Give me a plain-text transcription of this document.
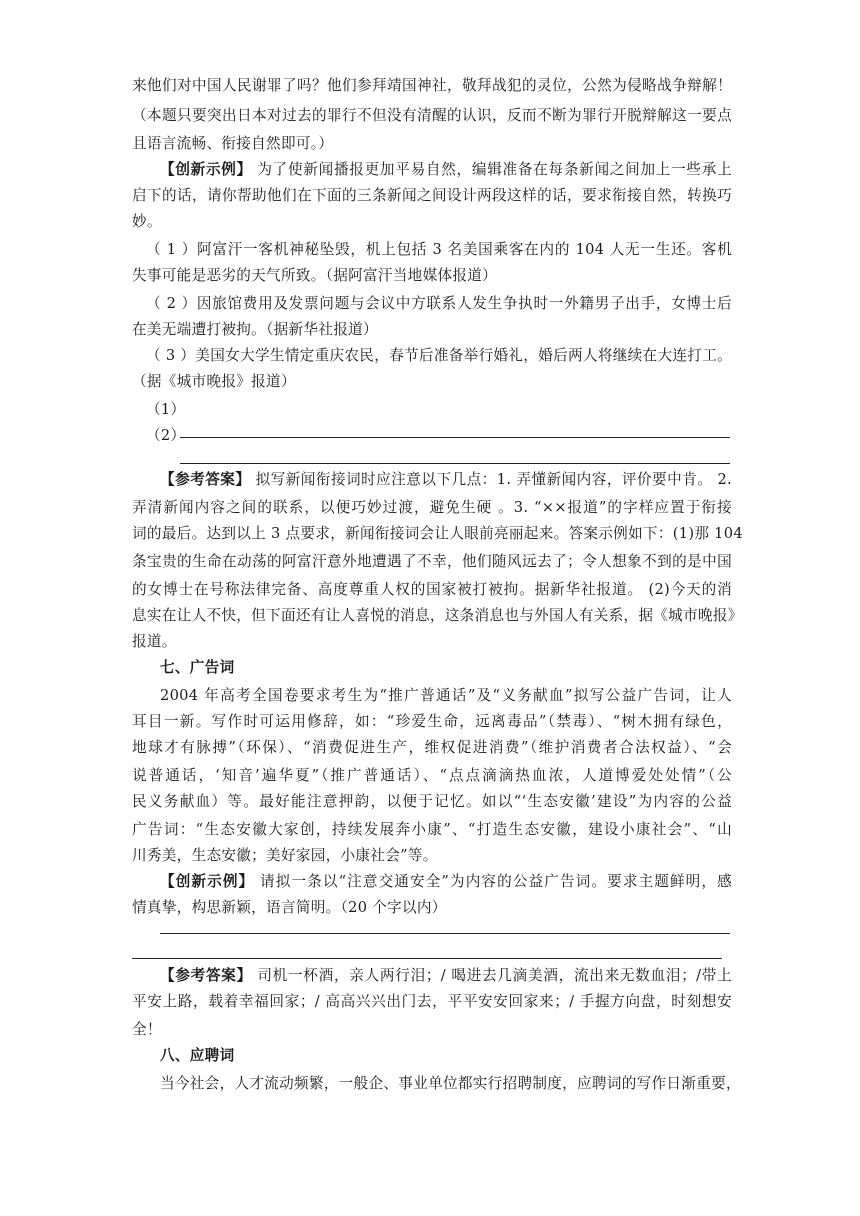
来他们对中国人民谢罪了吗？他们参拜靖国神社，敬拜战犯的灵位，公然为侵略战争辩解！
（本题只要突出日本对过去的罪行不但没有清醒的认识，反而不断为罪行开脱辩解这一要点
且语言流畅、衔接自然即可。）
【创新示例】 为了使新闻播报更加平易自然，编辑准备在每条新闻之间加上一些承上
启下的话，请你帮助他们在下面的三条新闻之间设计两段这样的话，要求衔接自然，转换巧
妙。
（ 1 ）阿富汗一客机神秘坠毁，机上包括 3 名美国乘客在内的 104 人无一生还。客机
失事可能是恶劣的天气所致。（据阿富汗当地媒体报道）
（ 2 ）因旅馆费用及发票问题与会议中方联系人发生争执时一外籍男子出手，女博士后
在美无端遭打被拘。（据新华社报道）
（ 3 ）美国女大学生情定重庆农民，春节后准备举行婚礼，婚后两人将继续在大连打工。
（据《城市晚报》报道）
（1）
（2）
【参考答案】 拟写新闻衔接词时应注意以下几点：1. 弄懂新闻内容，评价要中肯。 2.
弄清新闻内容之间的联系，以便巧妙过渡，避免生硬 。3. “××报道”的字样应置于衔接
词的最后。达到以上 3 点要求，新闻衔接词会让人眼前亮丽起来。答案示例如下：(1)那 104
条宝贵的生命在动荡的阿富汗意外地遭遇了不幸，他们随风远去了；令人想象不到的是中国
的女博士在号称法律完备、高度尊重人权的国家被打被拘。据新华社报道。 (2)今天的消
息实在让人不快，但下面还有让人喜悦的消息，这条消息也与外国人有关系，据《城市晚报》
报道。
七、广告词
2004 年高考全国卷要求考生为“推广普通话”及“义务献血”拟写公益广告词，让人
耳目一新。写作时可运用修辞，如：“珍爱生命，远离毒品”（禁毒）、“树木拥有绿色，
地球才有脉搏”（环保）、“消费促进生产，维权促进消费”（维护消费者合法权益）、“会
说普通话，‘知音’遍华夏”（推广普通话）、“点点滴滴热血浓，人道博爱处处情”（公
民义务献血）等。最好能注意押韵，以便于记忆。如以“‘生态安徽’建设”为内容的公益
广告词：“生态安徽大家创，持续发展奔小康”、“打造生态安徽，建设小康社会”、“山
川秀美，生态安徽；美好家园，小康社会”等。
【创新示例】 请拟一条以“注意交通安全”为内容的公益广告词。要求主题鲜明，感
情真挚，构思新颖，语言简明。（20 个字以内）
【参考答案】 司机一杯酒，亲人两行泪；/ 喝进去几滴美酒，流出来无数血泪；/带上
平安上路，载着幸福回家；/ 高高兴兴出门去，平平安安回家来；/ 手握方向盘，时刻想安
全！
八、应聘词
当今社会，人才流动频繁，一般企、事业单位都实行招聘制度，应聘词的写作日渐重要，
